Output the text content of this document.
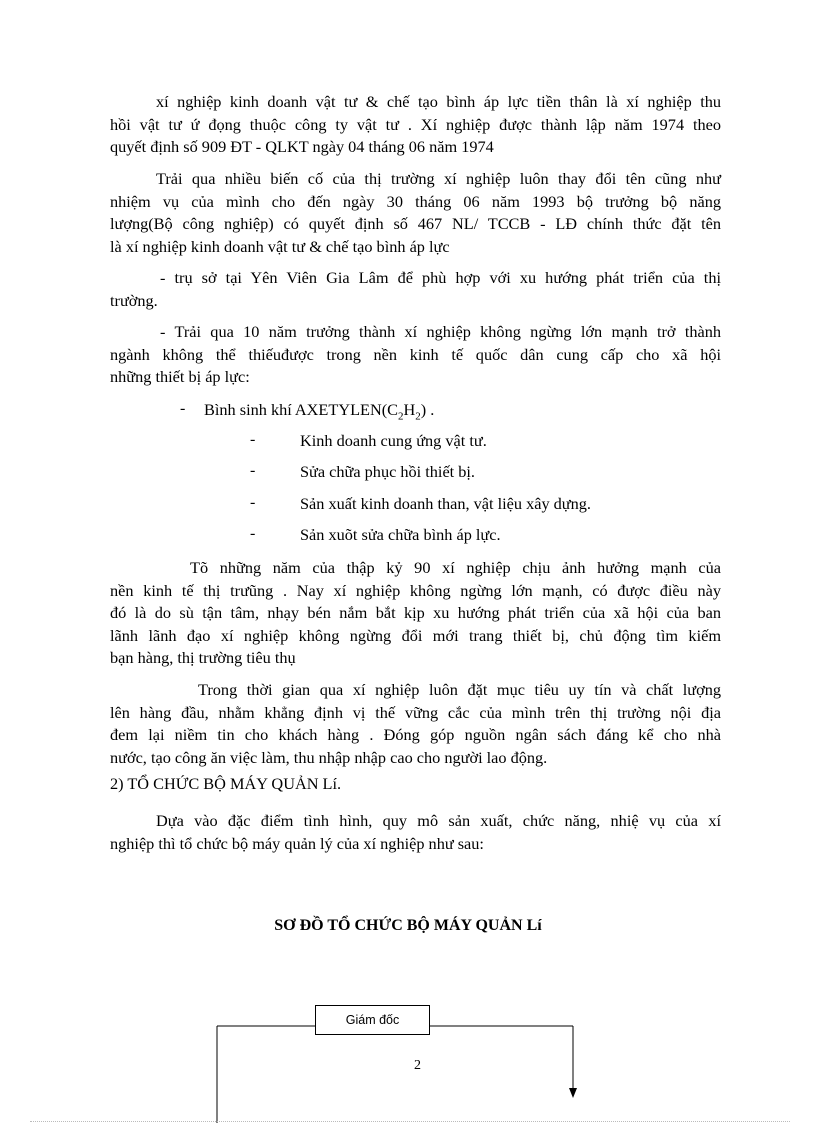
xí nghiệp kinh doanh vật tư & chế tạo bình áp lực tiền thân là xí nghiệp thu
hồi vật tư ứ đọng thuộc công ty vật tư . Xí nghiệp được thành lập năm 1974 theo
quyết định số 909 ĐT - QLKT ngày 04 tháng 06 năm 1974
Trải qua nhiều biến cố của thị trường xí nghiệp luôn thay đổi tên cũng như
nhiệm vụ của mình cho đến ngày 30 tháng 06 năm 1993 bộ trưởng bộ năng
lượng(Bộ công nghiệp) có quyết định số 467 NL/ TCCB - LĐ chính thức đặt tên
là xí nghiệp kinh doanh vật tư & chế tạo bình áp lực
- trụ sở tại Yên Viên Gia Lâm để phù hợp với xu hướng phát triển của thị
trường.
- Trải qua 10 năm trưởng thành xí nghiệp không ngừng lớn mạnh trở thành
ngành không thể thiếuđược trong nền kinh tế quốc dân cung cấp cho xã hội
những thiết bị áp lực:
- Bình sinh khí $AXETYLEN(C_2H_2)$ .
-	Kinh doanh cung ứng vật tư.
-	Sửa chữa phục hồi thiết bị.
-	Sản xuất kinh doanh than, vật liệu xây dựng.
-	Sản xuõt sửa chữa bình áp lực.
Tõ những năm của thập kỷ 90 xí nghiệp chịu ảnh hưởng mạnh của
nền kinh tế thị trưũng . Nay xí nghiệp không ngừng lớn mạnh, có được điều này
đó là do sù tận tâm, nhạy bén nắm bắt kịp xu hướng phát triển của xã hội của ban
lãnh lãnh đạo xí nghiệp không ngừng đổi mới trang thiết bị, chủ động tìm kiếm
bạn hàng, thị trường tiêu thụ
Trong thời gian qua xí nghiệp luôn đặt mục tiêu uy tín và chất lượng
lên hàng đầu, nhằm khẳng định vị thế vững cắc của mình trên thị trường nội địa
đem lại niềm tin cho khách hàng . Đóng góp nguồn ngân sách đáng kể cho nhà
nước, tạo công ăn việc làm, thu nhập nhập cao cho người lao động.
2) TỔ CHỨC BỘ MÁY QUẢN Lí.
Dựa vào đặc điểm tình hình, quy mô sản xuất, chức năng, nhiệ vụ của xí
nghiệp thì tổ chức bộ máy quản lý của xí nghiệp như sau:
SƠ ĐỒ TỔ CHỨC BỘ MÁY QUẢN Lí
Giám đốc
2
